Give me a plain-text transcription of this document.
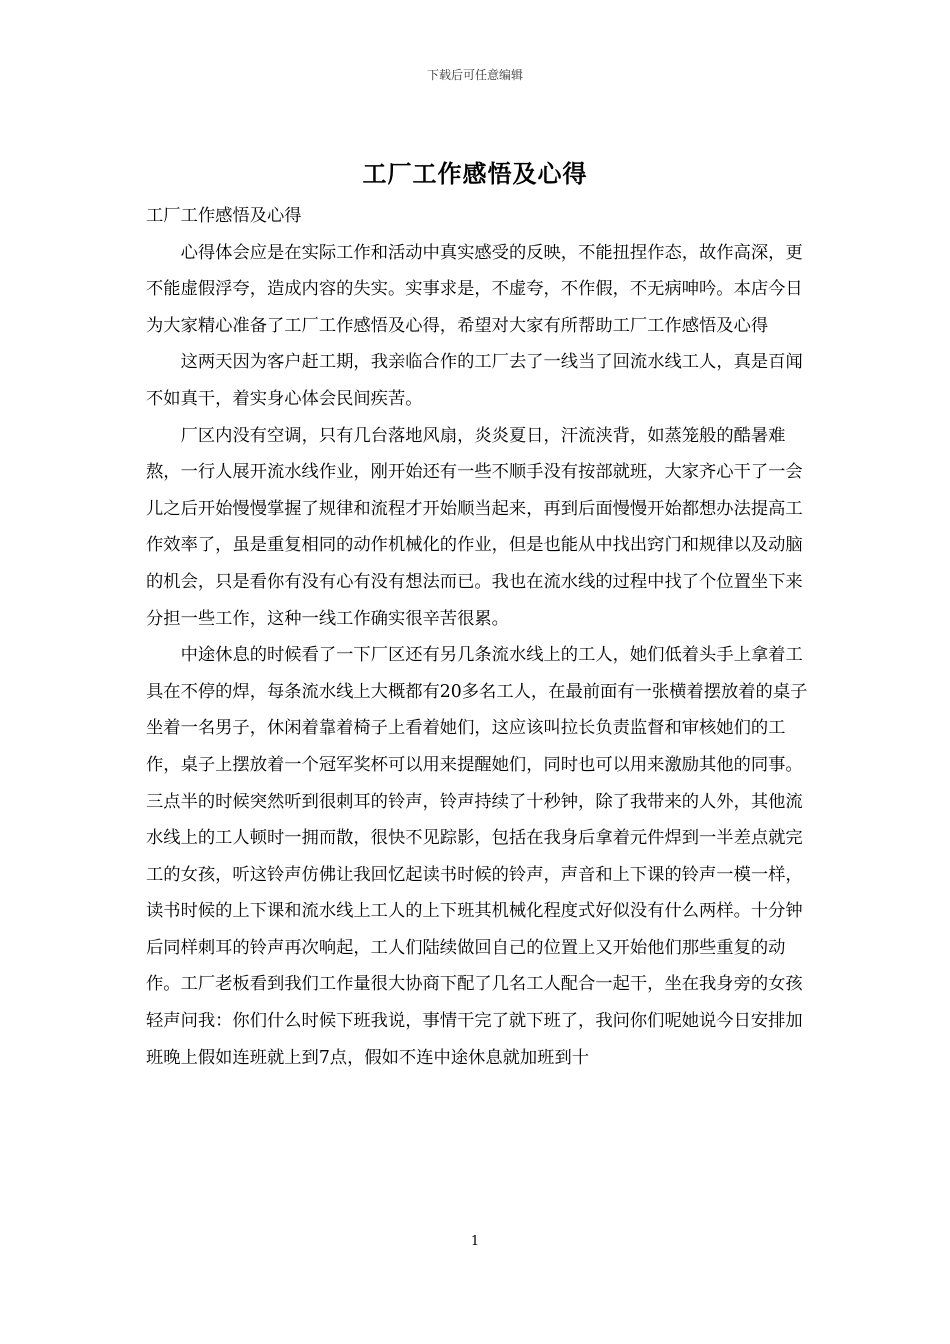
下载后可任意编辑
工厂工作感悟及心得

工厂工作感悟及心得

心得体会应是在实际工作和活动中真实感受的反映，不能扭捏作态，故作高深，更不能虚假浮夸，造成内容的失实。实事求是，不虚夸，不作假，不无病呻吟。本店今日为大家精心准备了工厂工作感悟及心得，希望对大家有所帮助工厂工作感悟及心得

这两天因为客户赶工期，我亲临合作的工厂去了一线当了回流水线工人，真是百闻不如真干，着实身心体会民间疾苦。

厂区内没有空调，只有几台落地风扇，炎炎夏日，汗流浃背，如蒸笼般的酷暑难熬，一行人展开流水线作业，刚开始还有一些不顺手没有按部就班，大家齐心干了一会儿之后开始慢慢掌握了规律和流程才开始顺当起来，再到后面慢慢开始都想办法提高工作效率了，虽是重复相同的动作机械化的作业，但是也能从中找出窍门和规律以及动脑的机会，只是看你有没有心有没有想法而已。我也在流水线的过程中找了个位置坐下来分担一些工作，这种一线工作确实很辛苦很累。

中途休息的时候看了一下厂区还有另几条流水线上的工人，她们低着头手上拿着工具在不停的焊，每条流水线上大概都有20多名工人，在最前面有一张横着摆放着的桌子坐着一名男子，休闲着靠着椅子上看着她们，这应该叫拉长负责监督和审核她们的工作，桌子上摆放着一个冠军奖杯可以用来提醒她们，同时也可以用来激励其他的同事。三点半的时候突然听到很刺耳的铃声，铃声持续了十秒钟，除了我带来的人外，其他流水线上的工人顿时一拥而散，很快不见踪影，包括在我身后拿着元件焊到一半差点就完工的女孩，听这铃声仿佛让我回忆起读书时候的铃声，声音和上下课的铃声一模一样，读书时候的上下课和流水线上工人的上下班其机械化程度式好似没有什么两样。十分钟后同样刺耳的铃声再次响起，工人们陆续做回自己的位置上又开始他们那些重复的动作。工厂老板看到我们工作量很大协商下配了几名工人配合一起干，坐在我身旁的女孩轻声问我：你们什么时候下班我说，事情干完了就下班了，我问你们呢她说今日安排加班晚上假如连班就上到7点，假如不连中途休息就加班到十

1
